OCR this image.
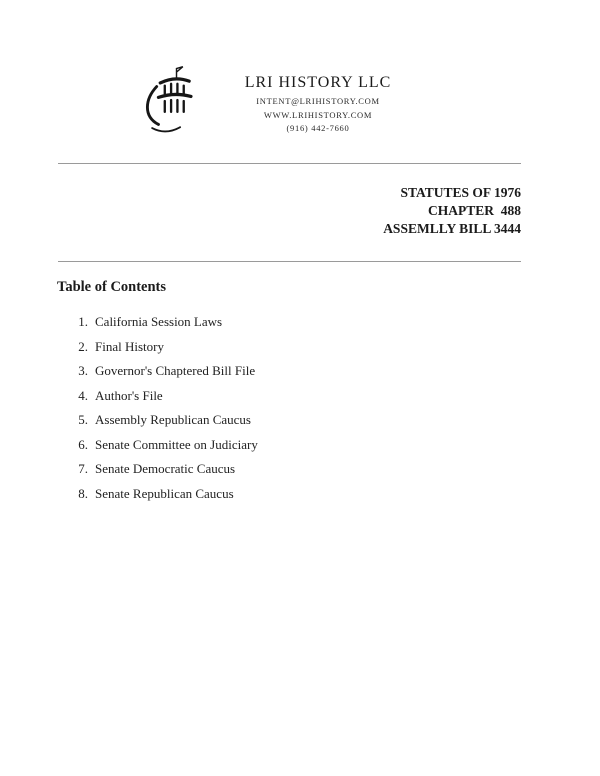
LRI HISTORY LLC
INTENT@LRIHISTORY.COM
WWW.LRIHISTORY.COM
(916) 442-7660
STATUTES OF 1976
CHAPTER  488
ASSEMLLY BILL 3444
Table of Contents
1. California Session Laws
2. Final History
3. Governor's Chaptered Bill File
4. Author's File
5. Assembly Republican Caucus
6. Senate Committee on Judiciary
7. Senate Democratic Caucus
8. Senate Republican Caucus
